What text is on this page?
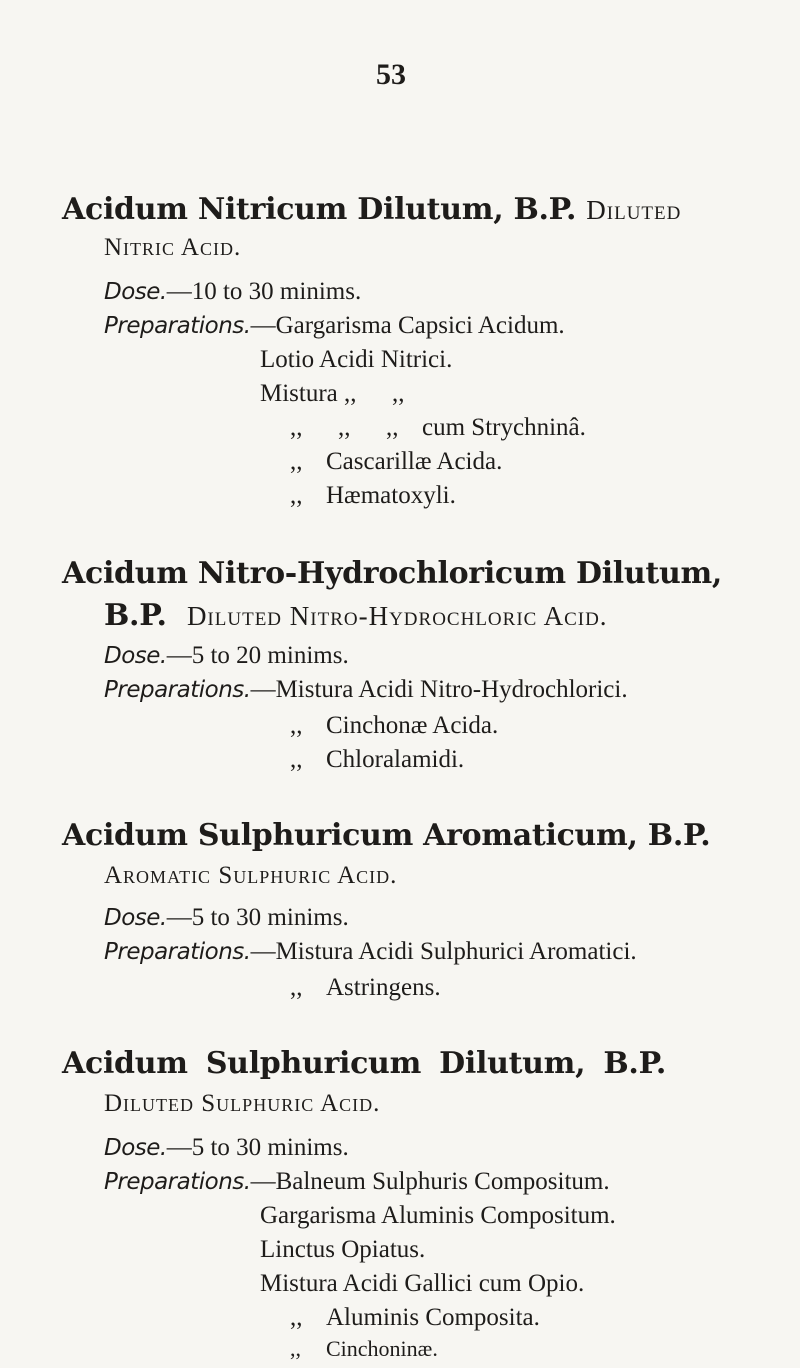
53
Acidum Nitricum Dilutum, B.P. Diluted
Nitric Acid.
Dose.—10 to 30 minims.
Preparations.—Gargarisma Capsici Acidum.
Lotio Acidi Nitrici.
Mistura ,, ,,
,, ,, ,, cum Strychninâ.
,, Cascarillæ Acida.
,, Hæmatoxyli.
Acidum Nitro-Hydrochloricum Dilutum,
B.P. Diluted Nitro-Hydrochloric Acid.
Dose.—5 to 20 minims.
Preparations.—Mistura Acidi Nitro-Hydrochlorici.
,, Cinchonæ Acida.
,, Chloralamidi.
Acidum Sulphuricum Aromaticum, B.P.
Aromatic Sulphuric Acid.
Dose.—5 to 30 minims.
Preparations.—Mistura Acidi Sulphurici Aromatici.
,, Astringens.
Acidum Sulphuricum Dilutum, B.P.
Diluted Sulphuric Acid.
Dose.—5 to 30 minims.
Preparations.—Balneum Sulphuris Compositum.
Gargarisma Aluminis Compositum.
Linctus Opiatus.
Mistura Acidi Gallici cum Opio.
,, Aluminis Composita.
,, Cinchoninæ.
